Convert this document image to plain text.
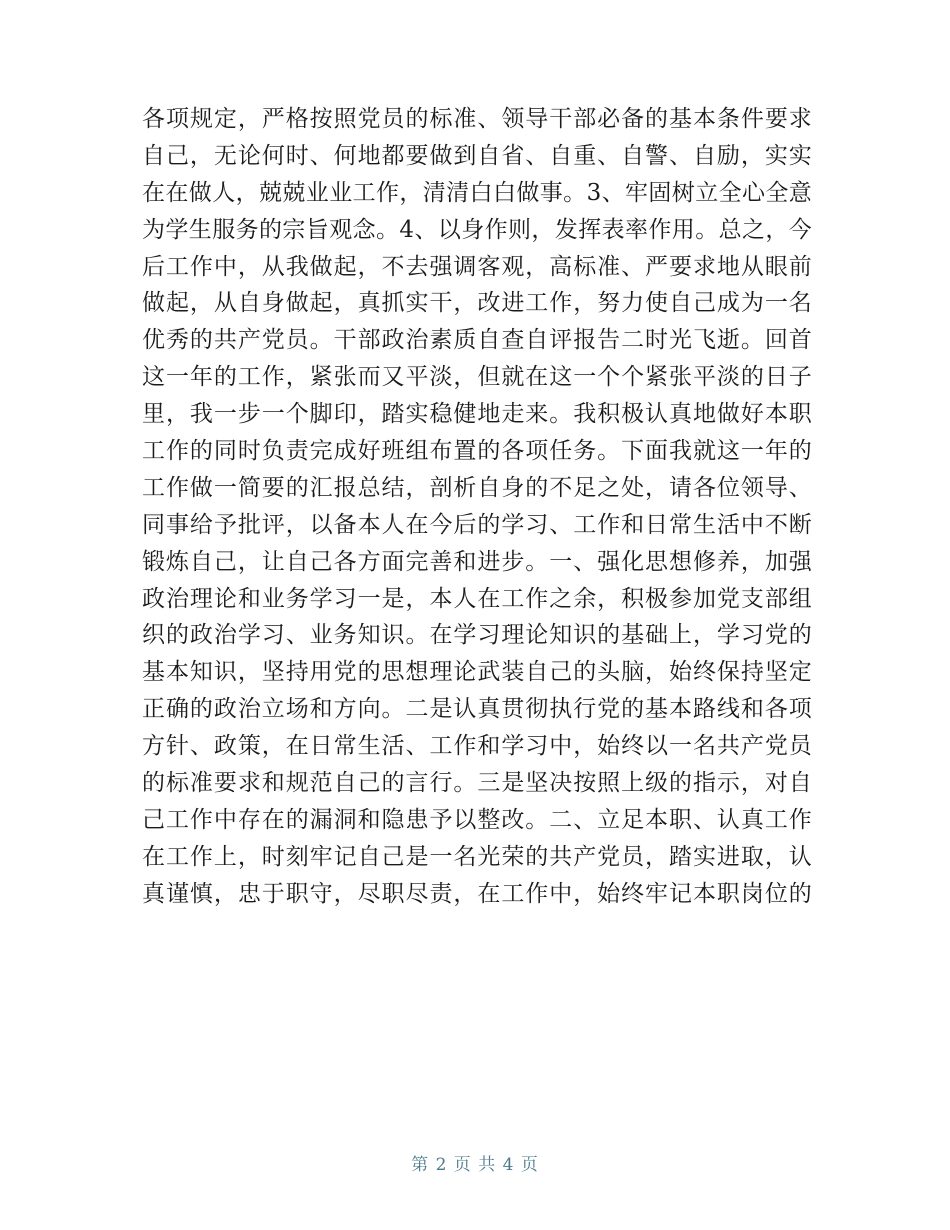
各项规定，严格按照党员的标准、领导干部必备的基本条件要求
自己，无论何时、何地都要做到自省、自重、自警、自励，实实
在在做人，兢兢业业工作，清清白白做事。3、牢固树立全心全意
为学生服务的宗旨观念。4、以身作则，发挥表率作用。总之，今
后工作中，从我做起，不去强调客观，高标准、严要求地从眼前
做起，从自身做起，真抓实干，改进工作，努力使自己成为一名
优秀的共产党员。干部政治素质自查自评报告二时光飞逝。回首
这一年的工作，紧张而又平淡，但就在这一个个紧张平淡的日子
里，我一步一个脚印，踏实稳健地走来。我积极认真地做好本职
工作的同时负责完成好班组布置的各项任务。下面我就这一年的
工作做一简要的汇报总结，剖析自身的不足之处，请各位领导、
同事给予批评，以备本人在今后的学习、工作和日常生活中不断
锻炼自己，让自己各方面完善和进步。一、强化思想修养，加强
政治理论和业务学习一是，本人在工作之余，积极参加党支部组
织的政治学习、业务知识。在学习理论知识的基础上，学习党的
基本知识，坚持用党的思想理论武装自己的头脑，始终保持坚定
正确的政治立场和方向。二是认真贯彻执行党的基本路线和各项
方针、政策，在日常生活、工作和学习中，始终以一名共产党员
的标准要求和规范自己的言行。三是坚决按照上级的指示，对自
己工作中存在的漏洞和隐患予以整改。二、立足本职、认真工作
在工作上，时刻牢记自己是一名光荣的共产党员，踏实进取，认
真谨慎，忠于职守，尽职尽责，在工作中，始终牢记本职岗位的
第 2 页 共 4 页
